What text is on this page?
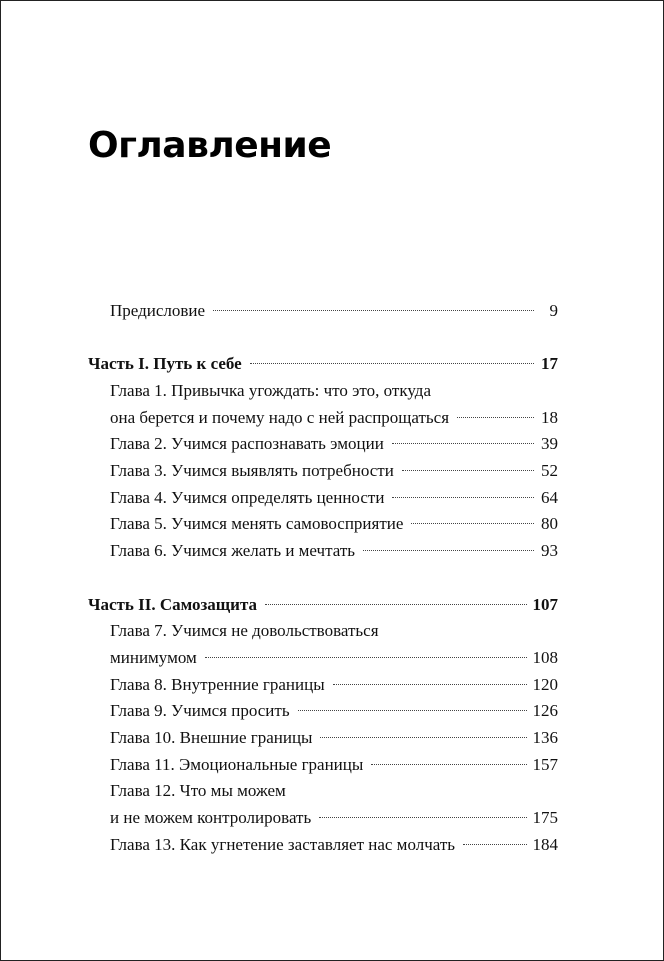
Оглавление
Предисловие	9
Часть I. Путь к себе	17
Глава 1. Привычка угождать: что это, откуда
она берется и почему надо с ней распрощаться	18
Глава 2. Учимся распознавать эмоции	39
Глава 3. Учимся выявлять потребности	52
Глава 4. Учимся определять ценности	64
Глава 5. Учимся менять самовосприятие	80
Глава 6. Учимся желать и мечтать	93
Часть II. Самозащита	107
Глава 7. Учимся не довольствоваться
минимумом	108
Глава 8. Внутренние границы	120
Глава 9. Учимся просить	126
Глава 10. Внешние границы	136
Глава 11. Эмоциональные границы	157
Глава 12. Что мы можем
и не можем контролировать	175
Глава 13. Как угнетение заставляет нас молчать	184
